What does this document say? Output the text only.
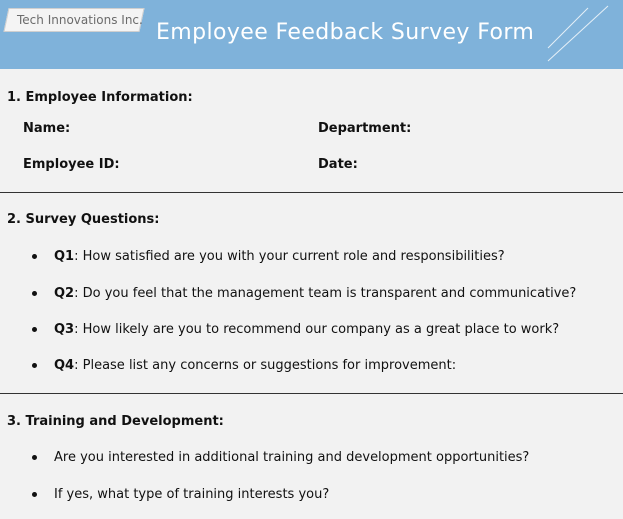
Tech Innovations Inc. Employee Feedback Survey Form
1. Employee Information:
Name:	Department:
Employee ID:	Date:
2. Survey Questions:
Q1: How satisfied are you with your current role and responsibilities?
Q2: Do you feel that the management team is transparent and communicative?
Q3: How likely are you to recommend our company as a great place to work?
Q4: Please list any concerns or suggestions for improvement:
3. Training and Development:
Are you interested in additional training and development opportunities?
If yes, what type of training interests you?
